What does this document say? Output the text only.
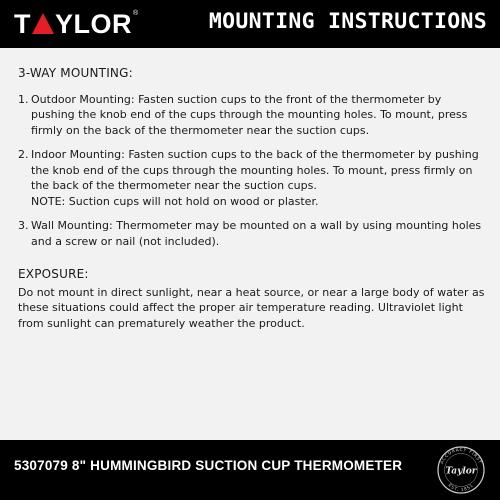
T YLOR ®	MOUNTING INSTRUCTIONS
3-WAY MOUNTING:
1. Outdoor Mounting: Fasten suction cups to the front of the thermometer by pushing the knob end of the cups through the mounting holes. To mount, press firmly on the back of the thermometer near the suction cups.
2. Indoor Mounting: Fasten suction cups to the back of the thermometer by pushing the knob end of the cups through the mounting holes. To mount, press firmly on the back of the thermometer near the suction cups.
NOTE: Suction cups will not hold on wood or plaster.
3. Wall Mounting: Thermometer may be mounted on a wall by using mounting holes and a screw or nail (not included).
EXPOSURE:

Do not mount in direct sunlight, near a heat source, or near a large body of water as these situations could affect the proper air temperature reading. Ultraviolet light from sunlight can prematurely weather the product.

5307079 8" HUMMINGBIRD SUCTION CUP THERMOMETER	ACCURACY FIRST
Taylor
EST. 1851
